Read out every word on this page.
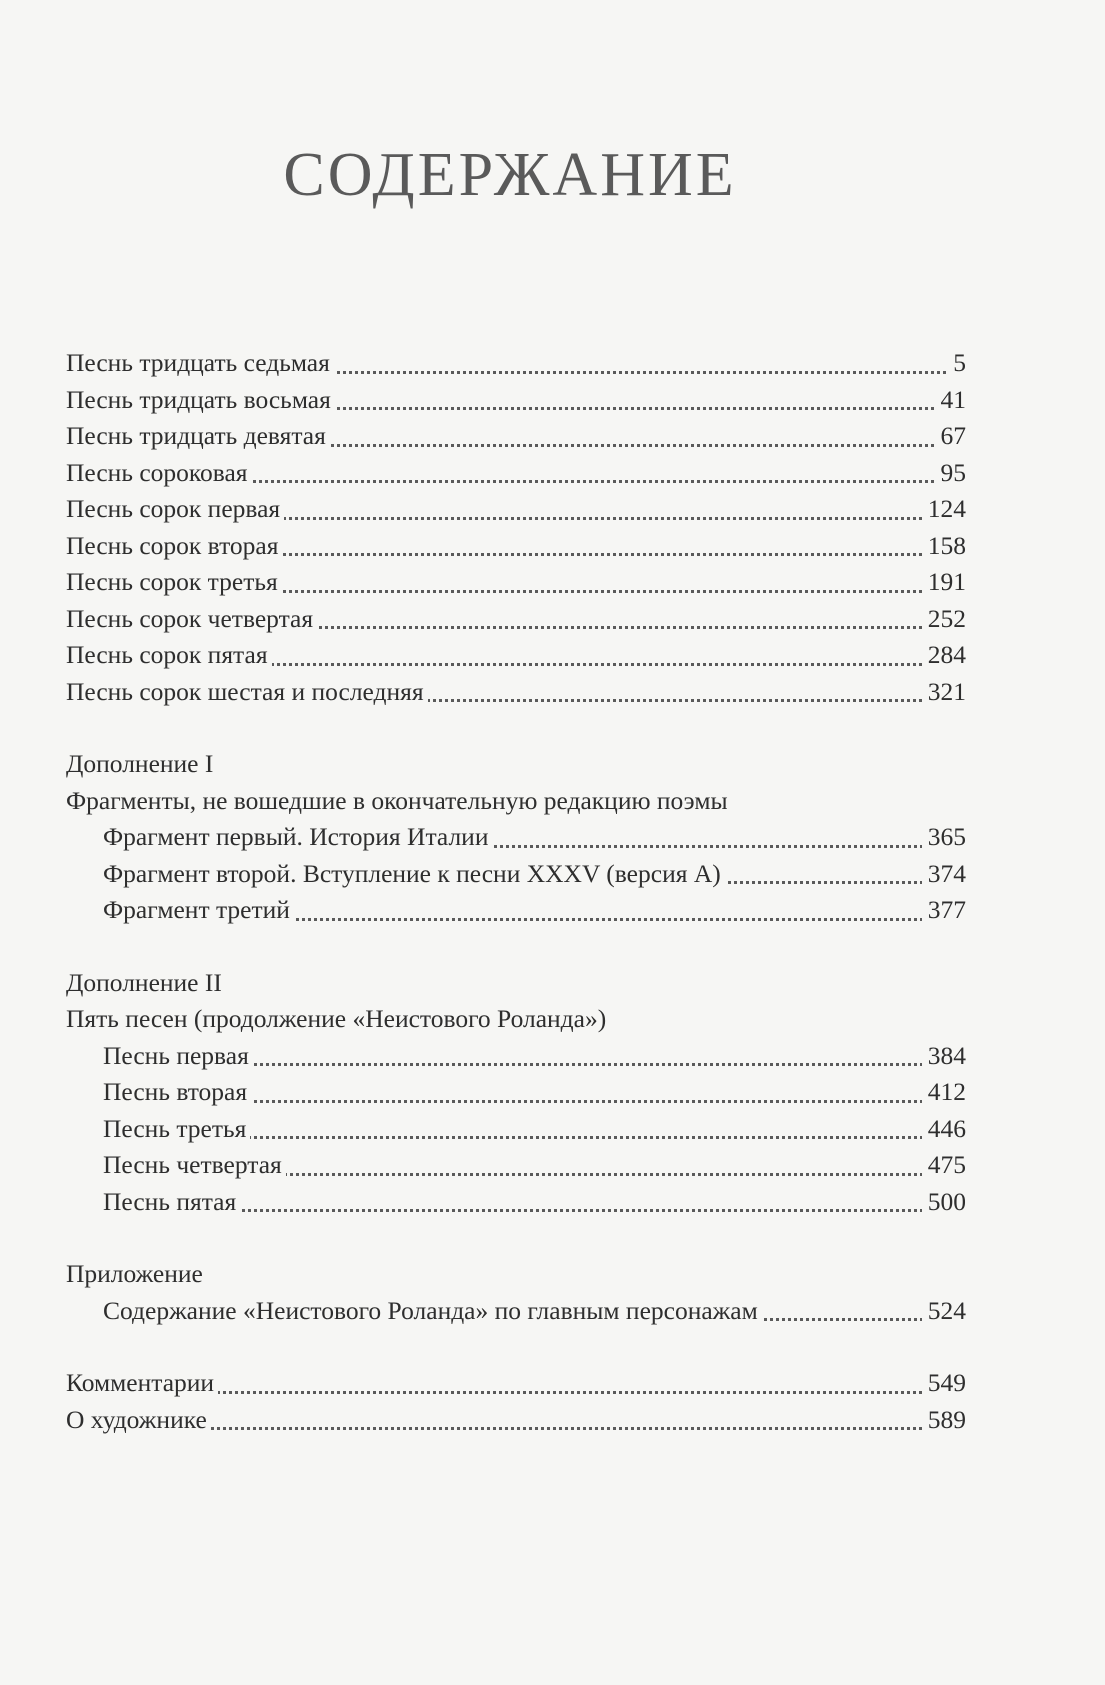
СОДЕРЖАНИЕ
Песнь тридцать седьмая	5
Песнь тридцать восьмая	41
Песнь тридцать девятая	67
Песнь сороковая	95
Песнь сорок первая	124
Песнь сорок вторая	158
Песнь сорок третья	191
Песнь сорок четвертая	252
Песнь сорок пятая	284
Песнь сорок шестая и последняя	321
Дополнение I
Фрагменты, не вошедшие в окончательную редакцию поэмы
Фрагмент первый. История Италии	365
Фрагмент второй. Вступление к песни XXXV (версия А)	374
Фрагмент третий	377
Дополнение II
Пять песен (продолжение «Неистового Роланда»)
Песнь первая	384
Песнь вторая	412
Песнь третья	446
Песнь четвертая	475
Песнь пятая	500
Приложение
Содержание «Неистового Роланда» по главным персонажам	524
Комментарии	549
О художнике	589
